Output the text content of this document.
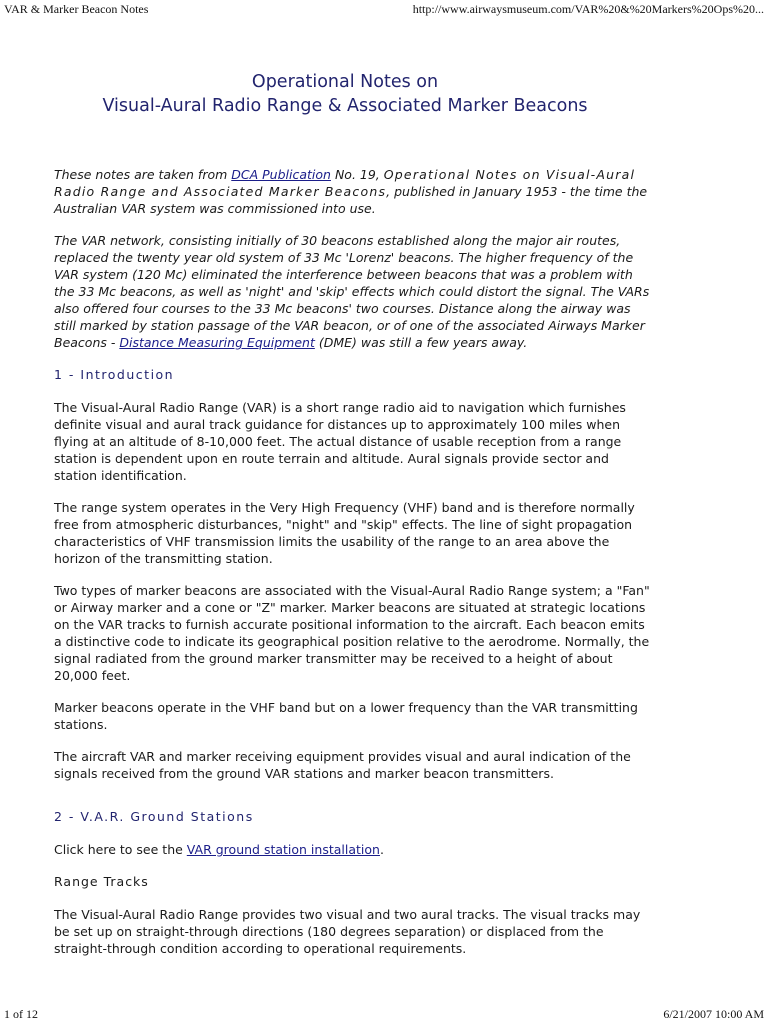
VAR & Marker Beacon Notes	http://www.airwaysmuseum.com/VAR%20&%20Markers%20Ops%20...
Operational Notes on
Visual-Aural Radio Range & Associated Marker Beacons

These notes are taken from DCA Publication No. 19, Operational Notes on Visual-Aural Radio Range and Associated Marker Beacons, published in January 1953 - the time the Australian VAR system was commissioned into use.

The VAR network, consisting initially of 30 beacons established along the major air routes, replaced the twenty year old system of 33 Mc 'Lorenz' beacons. The higher frequency of the VAR system (120 Mc) eliminated the interference between beacons that was a problem with the 33 Mc beacons, as well as 'night' and 'skip' effects which could distort the signal. The VARs also offered four courses to the 33 Mc beacons' two courses. Distance along the airway was still marked by station passage of the VAR beacon, or of one of the associated Airways Marker Beacons - Distance Measuring Equipment (DME) was still a few years away.

1 - Introduction

The Visual-Aural Radio Range (VAR) is a short range radio aid to navigation which furnishes definite visual and aural track guidance for distances up to approximately 100 miles when flying at an altitude of 8-10,000 feet. The actual distance of usable reception from a range station is dependent upon en route terrain and altitude. Aural signals provide sector and station identification.

The range system operates in the Very High Frequency (VHF) band and is therefore normally free from atmospheric disturbances, "night" and "skip" effects. The line of sight propagation characteristics of VHF transmission limits the usability of the range to an area above the horizon of the transmitting station.

Two types of marker beacons are associated with the Visual-Aural Radio Range system; a "Fan" or Airway marker and a cone or "Z" marker. Marker beacons are situated at strategic locations on the VAR tracks to furnish accurate positional information to the aircraft. Each beacon emits a distinctive code to indicate its geographical position relative to the aerodrome. Normally, the signal radiated from the ground marker transmitter may be received to a height of about 20,000 feet.

Marker beacons operate in the VHF band but on a lower frequency than the VAR transmitting stations.

The aircraft VAR and marker receiving equipment provides visual and aural indication of the signals received from the ground VAR stations and marker beacon transmitters.

2 - V.A.R. Ground Stations

Click here to see the VAR ground station installation.

Range Tracks

The Visual-Aural Radio Range provides two visual and two aural tracks. The visual tracks may be set up on straight-through directions (180 degrees separation) or displaced from the straight-through condition according to operational requirements.

1 of 12	6/21/2007 10:00 AM
